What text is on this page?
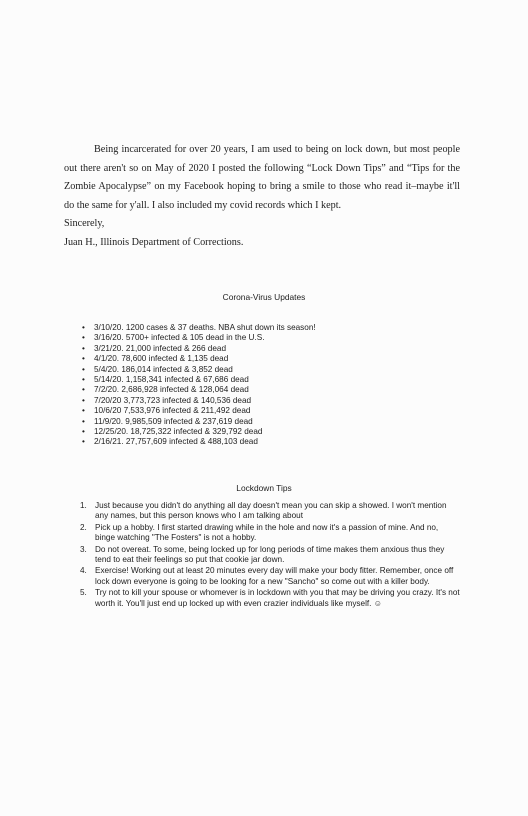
Being incarcerated for over 20 years, I am used to being on lock down, but most people out there aren't so on May of 2020 I posted the following “Lock Down Tips” and “Tips for the Zombie Apocalypse” on my Facebook hoping to bring a smile to those who read it–maybe it'll do the same for y'all. I also included my covid records which I kept.

Sincerely,
Juan H., Illinois Department of Corrections.
Corona-Virus Updates
• 3/10/20. 1200 cases & 37 deaths. NBA shut down its season!
• 3/16/20. 5700+ infected & 105 dead in the U.S.
• 3/21/20. 21,000 infected & 266 dead
• 4/1/20. 78,600 infected & 1,135 dead
• 5/4/20. 186,014 infected & 3,852 dead
• 5/14/20. 1,158,341 infected & 67,686 dead
• 7/2/20. 2,686,928 infected & 128,064 dead
• 7/20/20 3,773,723 infected & 140,536 dead
• 10/6/20 7,533,976 infected & 211,492 dead
• 11/9/20. 9,985,509 infected & 237,619 dead
• 12/25/20. 18,725,322 infected & 329,792 dead
• 2/16/21. 27,757,609 infected & 488,103 dead
Lockdown Tips
1. Just because you didn't do anything all day doesn't mean you can skip a showed. I won't mention any names, but this person knows who I am talking about
2. Pick up a hobby. I first started drawing while in the hole and now it's a passion of mine. And no, binge watching "The Fosters" is not a hobby.
3. Do not overeat. To some, being locked up for long periods of time makes them anxious thus they tend to eat their feelings so put that cookie jar down.
4. Exercise! Working out at least 20 minutes every day will make your body fitter. Remember, once off lock down everyone is going to be looking for a new "Sancho" so come out with a killer body.
5. Try not to kill your spouse or whomever is in lockdown with you that may be driving you crazy. It's not worth it. You'll just end up locked up with even crazier individuals like myself. ☺
